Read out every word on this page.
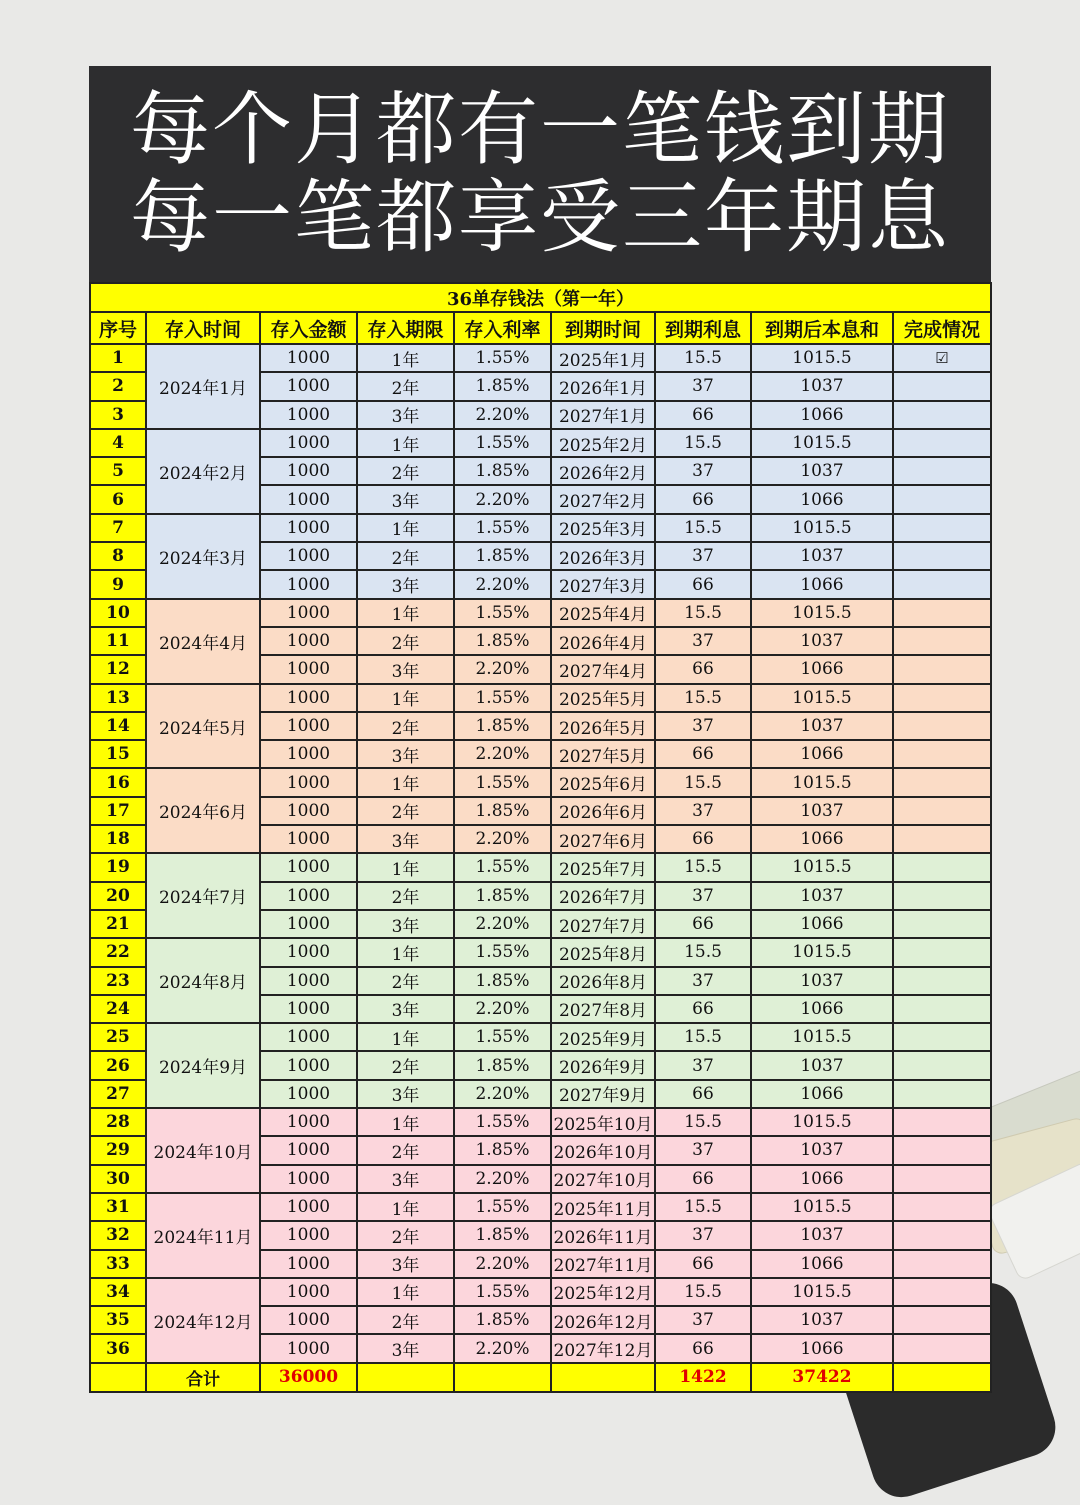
每个月都有一笔钱到期
每一笔都享受三年期息
36单存钱法（第一年）								
序号	存入时间	存入金额	存入期限	存入利率	到期时间	到期利息	到期后本息和	完成情况
1	2024年1月	1000	1年	1.55%	2025年1月	15.5	1015.5	☑
2		1000	2年	1.85%	2026年1月	37	1037	
3		1000	3年	2.20%	2027年1月	66	1066	
4	2024年2月	1000	1年	1.55%	2025年2月	15.5	1015.5	
5		1000	2年	1.85%	2026年2月	37	1037	
6		1000	3年	2.20%	2027年2月	66	1066	
7	2024年3月	1000	1年	1.55%	2025年3月	15.5	1015.5	
8		1000	2年	1.85%	2026年3月	37	1037	
9		1000	3年	2.20%	2027年3月	66	1066	
10	2024年4月	1000	1年	1.55%	2025年4月	15.5	1015.5	
11		1000	2年	1.85%	2026年4月	37	1037	
12		1000	3年	2.20%	2027年4月	66	1066	
13	2024年5月	1000	1年	1.55%	2025年5月	15.5	1015.5	
14		1000	2年	1.85%	2026年5月	37	1037	
15		1000	3年	2.20%	2027年5月	66	1066	
16	2024年6月	1000	1年	1.55%	2025年6月	15.5	1015.5	
17		1000	2年	1.85%	2026年6月	37	1037	
18		1000	3年	2.20%	2027年6月	66	1066	
19	2024年7月	1000	1年	1.55%	2025年7月	15.5	1015.5	
20		1000	2年	1.85%	2026年7月	37	1037	
21		1000	3年	2.20%	2027年7月	66	1066	
22	2024年8月	1000	1年	1.55%	2025年8月	15.5	1015.5	
23		1000	2年	1.85%	2026年8月	37	1037	
24		1000	3年	2.20%	2027年8月	66	1066	
25	2024年9月	1000	1年	1.55%	2025年9月	15.5	1015.5	
26		1000	2年	1.85%	2026年9月	37	1037	
27		1000	3年	2.20%	2027年9月	66	1066	
28	2024年10月	1000	1年	1.55%	2025年10月	15.5	1015.5	
29		1000	2年	1.85%	2026年10月	37	1037	
30		1000	3年	2.20%	2027年10月	66	1066	
31	2024年11月	1000	1年	1.55%	2025年11月	15.5	1015.5	
32		1000	2年	1.85%	2026年11月	37	1037	
33		1000	3年	2.20%	2027年11月	66	1066	
34	2024年12月	1000	1年	1.55%	2025年12月	15.5	1015.5	
35		1000	2年	1.85%	2026年12月	37	1037	
36		1000	3年	2.20%	2027年12月	66	1066	
	合计	36000				1422	37422	
